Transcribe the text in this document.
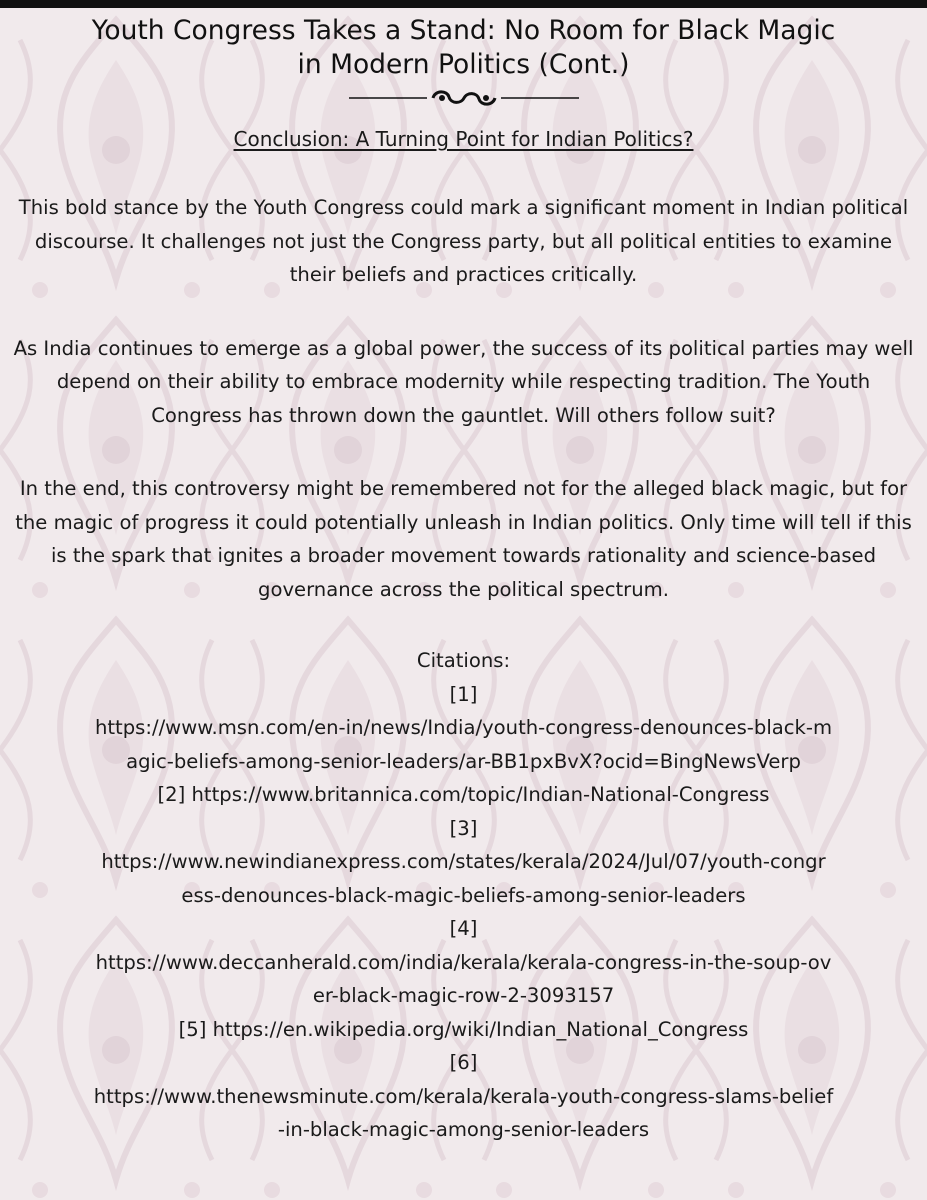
Youth Congress Takes a Stand: No Room for Black Magic
in Modern Politics (Cont.)
Conclusion: A Turning Point for Indian Politics?

This bold stance by the Youth Congress could mark a significant moment in Indian political discourse. It challenges not just the Congress party, but all political entities to examine their beliefs and practices critically.

As India continues to emerge as a global power, the success of its political parties may well depend on their ability to embrace modernity while respecting tradition. The Youth Congress has thrown down the gauntlet. Will others follow suit?

In the end, this controversy might be remembered not for the alleged black magic, but for the magic of progress it could potentially unleash in Indian politics. Only time will tell if this is the spark that ignites a broader movement towards rationality and science-based governance across the political spectrum.

Citations:

[1]

https://www.msn.com/en-in/news/India/youth-congress-denounces-black-m

agic-beliefs-among-senior-leaders/ar-BB1pxBvX?ocid=BingNewsVerp

[2] https://www.britannica.com/topic/Indian-National-Congress

[3]

https://www.newindianexpress.com/states/kerala/2024/Jul/07/youth-congr

ess-denounces-black-magic-beliefs-among-senior-leaders

[4]

https://www.deccanherald.com/india/kerala/kerala-congress-in-the-soup-ov

er-black-magic-row-2-3093157

[5] https://en.wikipedia.org/wiki/Indian_National_Congress

[6]

https://www.thenewsminute.com/kerala/kerala-youth-congress-slams-belief

-in-black-magic-among-senior-leaders
